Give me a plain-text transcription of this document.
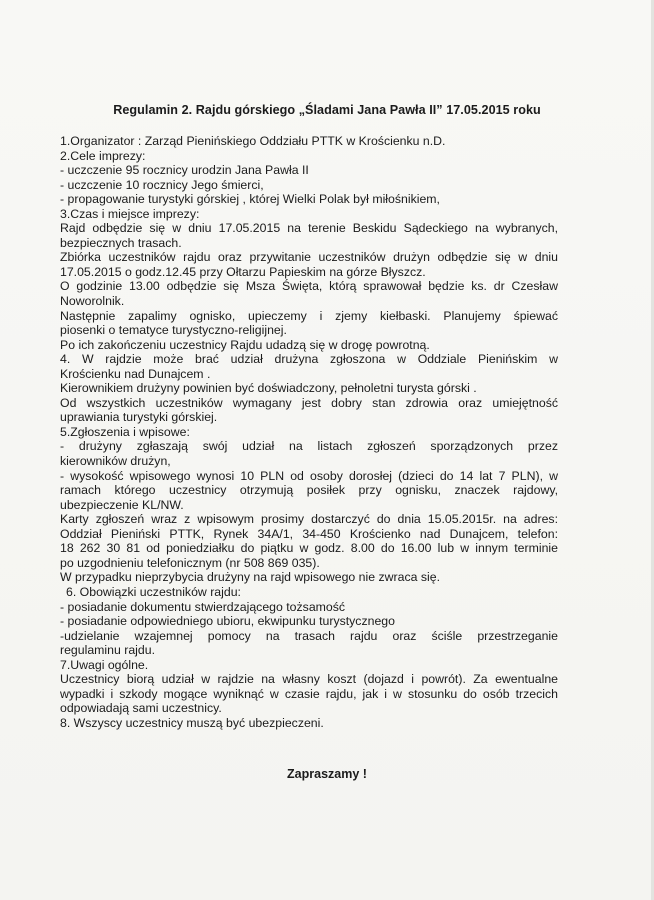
Regulamin 2. Rajdu górskiego „Śladami Jana Pawła II” 17.05.2015 roku
1.Organizator : Zarząd Pienińskiego Oddziału PTTK w Krościenku n.D.
2.Cele imprezy:
- uczczenie 95 rocznicy urodzin Jana Pawła II
- uczczenie 10 rocznicy Jego śmierci,
- propagowanie turystyki górskiej , której Wielki Polak był miłośnikiem,
3.Czas i miejsce imprezy:
Rajd odbędzie się w dniu 17.05.2015 na terenie Beskidu Sądeckiego na wybranych,
bezpiecznych trasach.
Zbiórka uczestników rajdu oraz przywitanie uczestników drużyn odbędzie się w dniu
17.05.2015 o godz.12.45 przy Ołtarzu Papieskim na górze Błyszcz.
O godzinie 13.00 odbędzie się Msza Święta, którą sprawował będzie ks. dr Czesław
Noworolnik.
Następnie zapalimy ognisko, upieczemy i zjemy kiełbaski. Planujemy śpiewać
piosenki o tematyce turystyczno-religijnej.
Po ich zakończeniu uczestnicy Rajdu udadzą się w drogę powrotną.
4. W rajdzie może brać udział drużyna zgłoszona w Oddziale Pienińskim w
Krościenku nad Dunajcem .
Kierownikiem drużyny powinien być doświadczony, pełnoletni turysta górski .
Od wszystkich uczestników wymagany jest dobry stan zdrowia oraz umiejętność
uprawiania turystyki górskiej.
5.Zgłoszenia i wpisowe:
- drużyny zgłaszają swój udział na listach zgłoszeń sporządzonych przez
kierowników drużyn,
- wysokość wpisowego wynosi 10 PLN od osoby dorosłej (dzieci do 14 lat 7 PLN), w
ramach którego uczestnicy otrzymują posiłek przy ognisku, znaczek rajdowy,
ubezpieczenie KL/NW.
Karty zgłoszeń wraz z wpisowym prosimy dostarczyć do dnia 15.05.2015r. na adres:
Oddział Pieniński PTTK, Rynek 34A/1, 34-450 Krościenko nad Dunajcem, telefon:
18 262 30 81 od poniedziałku do piątku w godz. 8.00 do 16.00 lub w innym terminie
po uzgodnieniu telefonicznym (nr 508 869 035).
W przypadku nieprzybycia drużyny na rajd wpisowego nie zwraca się.
6. Obowiązki uczestników rajdu:
- posiadanie dokumentu stwierdzającego tożsamość
- posiadanie odpowiedniego ubioru, ekwipunku turystycznego
-udzielanie wzajemnej pomocy na trasach rajdu oraz ściśle przestrzeganie
regulaminu rajdu.
7.Uwagi ogólne.
Uczestnicy biorą udział w rajdzie na własny koszt (dojazd i powrót). Za ewentualne
wypadki i szkody mogące wyniknąć w czasie rajdu, jak i w stosunku do osób trzecich
odpowiadają sami uczestnicy.
8. Wszyscy uczestnicy muszą być ubezpieczeni.
Zapraszamy !
